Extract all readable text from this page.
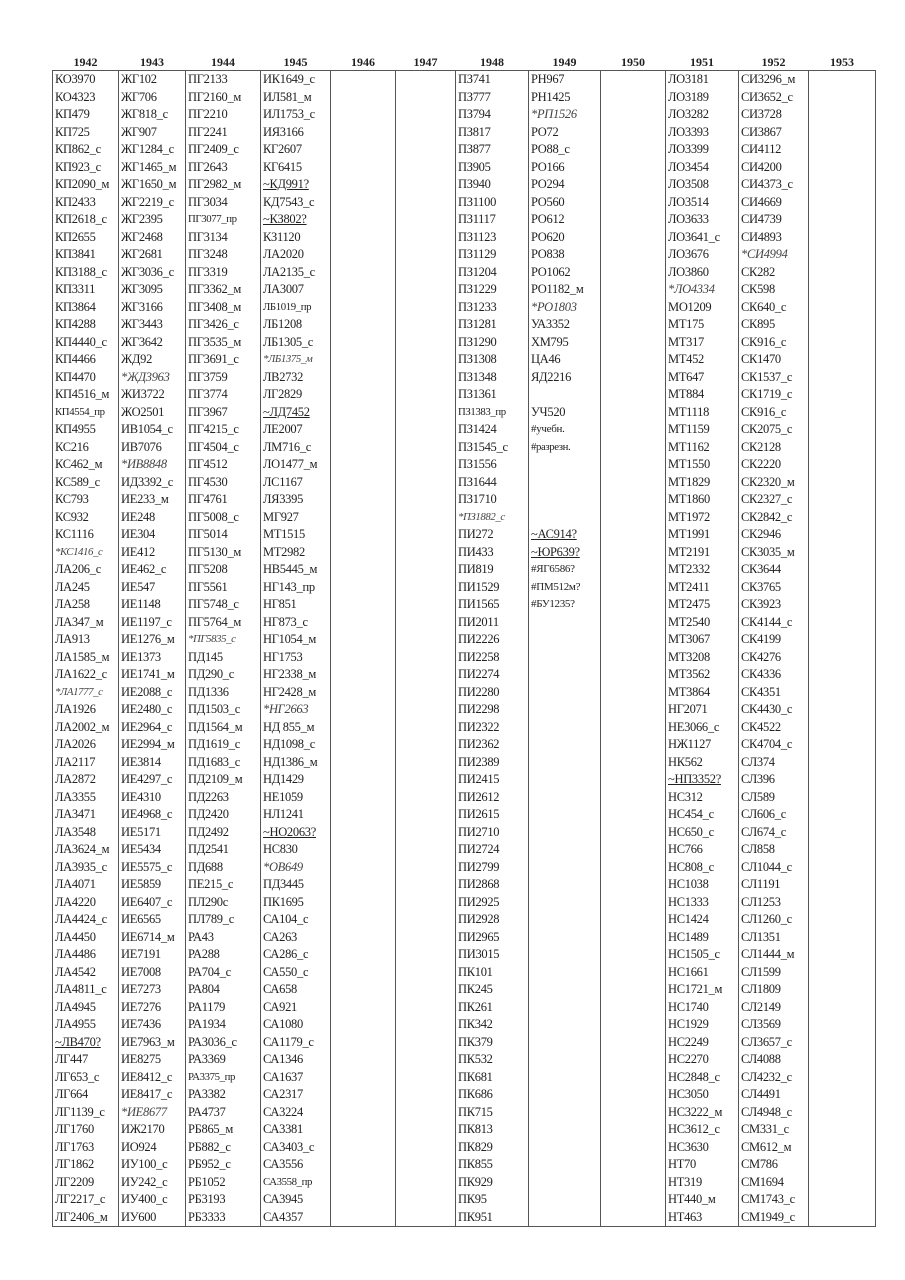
1942	1943	1944	1945	1946	1947	1948	1949	1950	1951	1952	1953
КО3970	ЖГ102	ПГ2133	ИК1649_с			ПЗ741	РН967		ЛО3181	СИ3296_м	
КО4323	ЖГ706	ПГ2160_м	ИЛ581_м			ПЗ777	РН1425		ЛО3189	СИ3652_с	
КП479	ЖГ818_с	ПГ2210	ИЛ1753_с			ПЗ794	*РП1526		ЛО3282	СИ3728	
КП725	ЖГ907	ПГ2241	ИЯ3166			ПЗ817	РО72		ЛО3393	СИ3867	
КП862_с	ЖГ1284_с	ПГ2409_с	КГ2607			ПЗ877	РО88_с		ЛО3399	СИ4112	
КП923_с	ЖГ1465_м	ПГ2643	КГ6415			ПЗ905	РО166		ЛО3454	СИ4200	
КП2090_м	ЖГ1650_м	ПГ2982_м	~КД991?			ПЗ940	РО294		ЛО3508	СИ4373_с	
КП2433	ЖГ2219_с	ПГ3034	КД7543_с			ПЗ1100	РО560		ЛО3514	СИ4669	
КП2618_с	ЖГ2395	ПГ3077_пр	~КЗ802?			ПЗ1117	РО612		ЛО3633	СИ4739	
КП2655	ЖГ2468	ПГ3134	КЗ1120			ПЗ1123	РО620		ЛО3641_с	СИ4893	
КП3841	ЖГ2681	ПГ3248	ЛА2020			ПЗ1129	РО838		ЛО3676	*СИ4994	
КП3188_с	ЖГ3036_с	ПГ3319	ЛА2135_с			ПЗ1204	РО1062		ЛО3860	СК282	
КП3311	ЖГ3095	ПГ3362_м	ЛА3007			ПЗ1229	РО1182_м		*ЛО4334	СК598	
КП3864	ЖГ3166	ПГ3408_м	ЛБ1019_пр			ПЗ1233	*РО1803		МО1209	СК640_с	
КП4288	ЖГ3443	ПГ3426_с	ЛБ1208			ПЗ1281	УА3352		МТ175	СК895	
КП4440_с	ЖГ3642	ПГ3535_м	ЛБ1305_с			ПЗ1290	ХМ795		МТ317	СК916_с	
КП4466	ЖД92	ПГ3691_с	*ЛБ1375_м			ПЗ1308	ЦА46		МТ452	СК1470	
КП4470	*ЖД3963	ПГ3759	ЛВ2732			ПЗ1348	ЯД2216		МТ647	СК1537_с	
КП4516_м	ЖИ3722	ПГ3774	ЛГ2829			ПЗ1361			МТ884	СК1719_с	
КП4554_пр	ЖО2501	ПГ3967	~ЛД7452			ПЗ1383_пр	УЧ520		МТ1118	СК916_с	
КП4955	ИВ1054_с	ПГ4215_с	ЛЕ2007			ПЗ1424	#учебн.		МТ1159	СК2075_с	
КС216	ИВ7076	ПГ4504_с	ЛМ716_с			ПЗ1545_с	#разрезн.		МТ1162	СК2128	
КС462_м	*ИВ8848	ПГ4512	ЛО1477_м			ПЗ1556			МТ1550	СК2220	
КС589_с	ИД3392_с	ПГ4530	ЛС1167			ПЗ1644			МТ1829	СК2320_м	
КС793	ИЕ233_м	ПГ4761	ЛЯ3395			ПЗ1710			МТ1860	СК2327_с	
КС932	ИЕ248	ПГ5008_с	МГ927			*ПЗ1882_с			МТ1972	СК2842_с	
КС1116	ИЕ304	ПГ5014	МТ1515			ПИ272	~АС914?		МТ1991	СК2946	
*КС1416_с	ИЕ412	ПГ5130_м	МТ2982			ПИ433	~ЮР639?		МТ2191	СК3035_м	
ЛА206_с	ИЕ462_с	ПГ5208	НВ5445_м			ПИ819	#ЯГ6586?		МТ2332	СК3644	
ЛА245	ИЕ547	ПГ5561	НГ143_пр			ПИ1529	#ПМ512м?		МТ2411	СК3765	
ЛА258	ИЕ1148	ПГ5748_с	НГ851			ПИ1565	#БУ1235?		МТ2475	СК3923	
ЛА347_м	ИЕ1197_с	ПГ5764_м	НГ873_с			ПИ2011			МТ2540	СК4144_с	
ЛА913	ИЕ1276_м	*ПГ5835_с	НГ1054_м			ПИ2226			МТ3067	СК4199	
ЛА1585_м	ИЕ1373	ПД145	НГ1753			ПИ2258			МТ3208	СК4276	
ЛА1622_с	ИЕ1741_м	ПД290_с	НГ2338_м			ПИ2274			МТ3562	СК4336	
*ЛА1777_с	ИЕ2088_с	ПД1336	НГ2428_м			ПИ2280			МТ3864	СК4351	
ЛА1926	ИЕ2480_с	ПД1503_с	*НГ2663			ПИ2298			НГ2071	СК4430_с	
ЛА2002_м	ИЕ2964_с	ПД1564_м	НД 855_м			ПИ2322			НЕ3066_с	СК4522	
ЛА2026	ИЕ2994_м	ПД1619_с	НД1098_с			ПИ2362			НЖ1127	СК4704_с	
ЛА2117	ИЕ3814	ПД1683_с	НД1386_м			ПИ2389			НК562	СЛ374	
ЛА2872	ИЕ4297_с	ПД2109_м	НД1429			ПИ2415			~НП3352?	СЛ396	
ЛА3355	ИЕ4310	ПД2263	НЕ1059			ПИ2612			НС312	СЛ589	
ЛА3471	ИЕ4968_с	ПД2420	НЛ1241			ПИ2615			НС454_с	СЛ606_с	
ЛА3548	ИЕ5171	ПД2492	~НО2063?			ПИ2710			НС650_с	СЛ674_с	
ЛА3624_м	ИЕ5434	ПД2541	НС830			ПИ2724			НС766	СЛ858	
ЛА3935_с	ИЕ5575_с	ПД688	*ОВ649			ПИ2799			НС808_с	СЛ1044_с	
ЛА4071	ИЕ5859	ПЕ215_с	ПД3445			ПИ2868			НС1038	СЛ1191	
ЛА4220	ИЕ6407_с	ПЛ290с	ПК1695			ПИ2925			НС1333	СЛ1253	
ЛА4424_с	ИЕ6565	ПЛ789_с	СА104_с			ПИ2928			НС1424	СЛ1260_с	
ЛА4450	ИЕ6714_м	РА43	СА263			ПИ2965			НС1489	СЛ1351	
ЛА4486	ИЕ7191	РА288	СА286_с			ПИ3015			НС1505_с	СЛ1444_м	
ЛА4542	ИЕ7008	РА704_с	СА550_с			ПК101			НС1661	СЛ1599	
ЛА4811_с	ИЕ7273	РА804	СА658			ПК245			НС1721_м	СЛ1809	
ЛА4945	ИЕ7276	РА1179	СА921			ПК261			НС1740	СЛ2149	
ЛА4955	ИЕ7436	РА1934	СА1080			ПК342			НС1929	СЛ3569	
~ЛВ470?	ИЕ7963_м	РА3036_с	СА1179_с			ПК379			НС2249	СЛ3657_с	
ЛГ447	ИЕ8275	РА3369	СА1346			ПК532			НС2270	СЛ4088	
ЛГ653_с	ИЕ8412_с	РА3375_пр	СА1637			ПК681			НС2848_с	СЛ4232_с	
ЛГ664	ИЕ8417_с	РА3382	СА2317			ПК686			НС3050	СЛ4491	
ЛГ1139_с	*ИЕ8677	РА4737	СА3224			ПК715			НС3222_м	СЛ4948_с	
ЛГ1760	ИЖ2170	РБ865_м	СА3381			ПК813			НС3612_с	СМ331_с	
ЛГ1763	ИО924	РБ882_с	СА3403_с			ПК829			НС3630	СМ612_м	
ЛГ1862	ИУ100_с	РБ952_с	СА3556			ПК855			НТ70	СМ786	
ЛГ2209	ИУ242_с	РБ1052	СА3558_пр			ПК929			НТ319	СМ1694	
ЛГ2217_с	ИУ400_с	РБ3193	СА3945			ПК95			НТ440_м	СМ1743_с	
ЛГ2406_м	ИУ600	РБ3333	СА4357			ПК951			НТ463	СМ1949_с	
